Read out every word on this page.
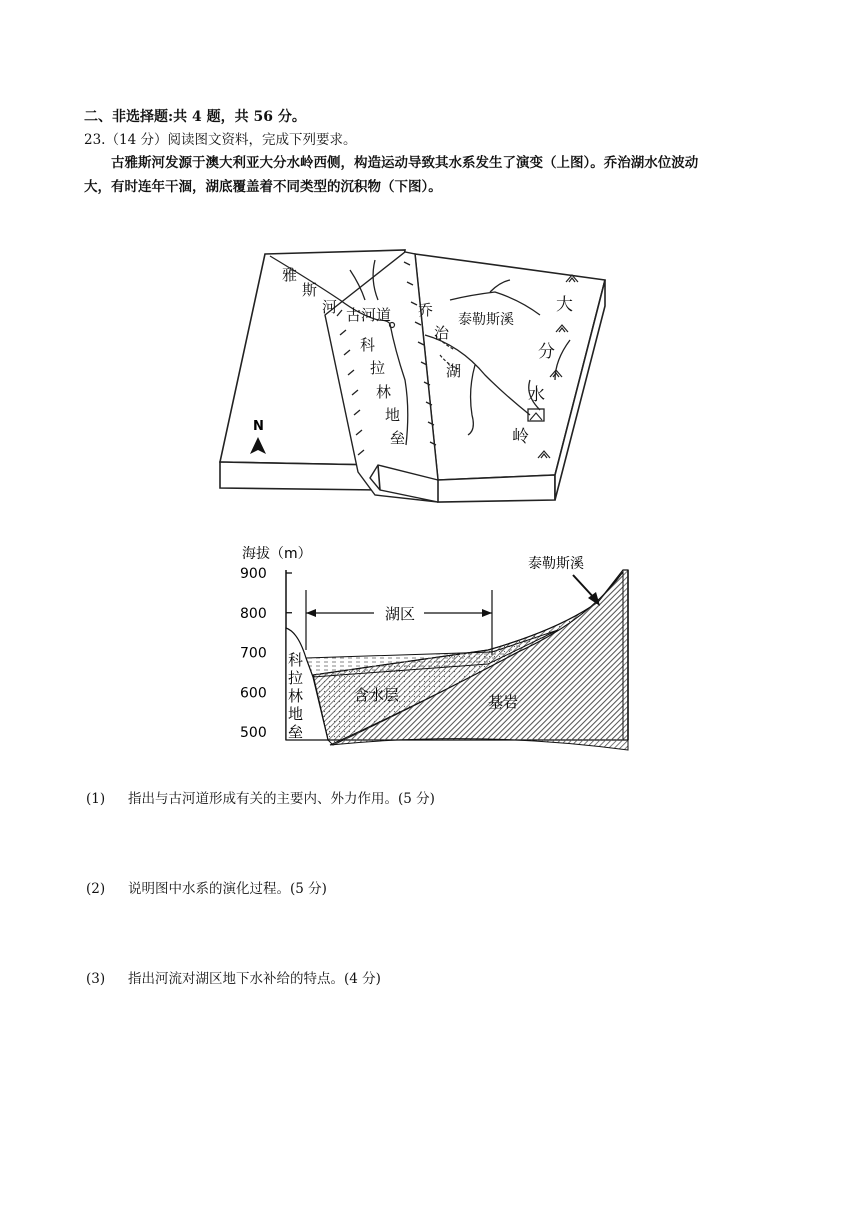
二、非选择题:共 4 题，共 56 分。
23.（14 分）阅读图文资料，完成下列要求。
古雅斯河发源于澳大利亚大分水岭西侧，构造运动导致其水系发生了演变（上图）。乔治湖水位波动
大，有时连年干涸，湖底覆盖着不同类型的沉积物（下图）。
N
雅
斯
河 古河道
科
拉
林
地
垒
乔
治
湖
泰勒斯溪
大
分
水
岭
海拔（m）
900
800
700
600
500
湖区
含水层	基岩
科
拉
林
地
垒
泰勒斯溪
(1) 指出与古河道形成有关的主要内、外力作用。(5 分)
(2) 说明图中水系的演化过程。(5 分)
(3) 指出河流对湖区地下水补给的特点。(4 分)
